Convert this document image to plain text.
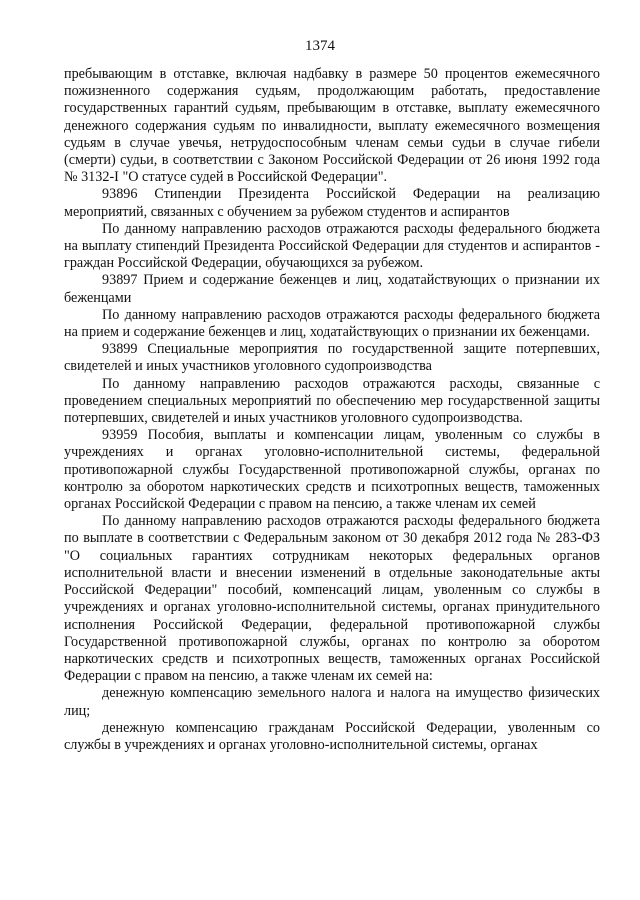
1374

пребывающим в отставке, включая надбавку в размере 50 процентов ежемесячного пожизненного содержания судьям, продолжающим работать, предоставление государственных гарантий судьям, пребывающим в отставке, выплату ежемесячного денежного содержания судьям по инвалидности, выплату ежемесячного возмещения судьям в случае увечья, нетрудоспособным членам семьи судьи в случае гибели (смерти) судьи, в соответствии с Законом Российской Федерации от 26 июня 1992 года № 3132-I "О статусе судей в Российской Федерации".

93896 Стипендии Президента Российской Федерации на реализацию мероприятий, связанных с обучением за рубежом студентов и аспирантов

По данному направлению расходов отражаются расходы федерального бюджета на выплату стипендий Президента Российской Федерации для студентов и аспирантов - граждан Российской Федерации, обучающихся за рубежом.

93897 Прием и содержание беженцев и лиц, ходатайствующих о признании их беженцами

По данному направлению расходов отражаются расходы федерального бюджета на прием и содержание беженцев и лиц, ходатайствующих о признании их беженцами.

93899 Специальные мероприятия по государственной защите потерпевших, свидетелей и иных участников уголовного судопроизводства

По данному направлению расходов отражаются расходы, связанные с проведением специальных мероприятий по обеспечению мер государственной защиты потерпевших, свидетелей и иных участников уголовного судопроизводства.

93959 Пособия, выплаты и компенсации лицам, уволенным со службы в учреждениях и органах уголовно-исполнительной системы, федеральной противопожарной службы Государственной противопожарной службы, органах по контролю за оборотом наркотических средств и психотропных веществ, таможенных органах Российской Федерации с правом на пенсию, а также членам их семей

По данному направлению расходов отражаются расходы федерального бюджета по выплате в соответствии с Федеральным законом от 30 декабря 2012 года № 283-ФЗ "О социальных гарантиях сотрудникам некоторых федеральных органов исполнительной власти и внесении изменений в отдельные законодательные акты Российской Федерации" пособий, компенсаций лицам, уволенным со службы в учреждениях и органах уголовно-исполнительной системы, органах принудительного исполнения Российской Федерации, федеральной противопожарной службы Государственной противопожарной службы, органах по контролю за оборотом наркотических средств и психотропных веществ, таможенных органах Российской Федерации с правом на пенсию, а также членам их семей на:

денежную компенсацию земельного налога и налога на имущество физических лиц;

денежную компенсацию гражданам Российской Федерации, уволенным со службы в учреждениях и органах уголовно-исполнительной системы, органах
